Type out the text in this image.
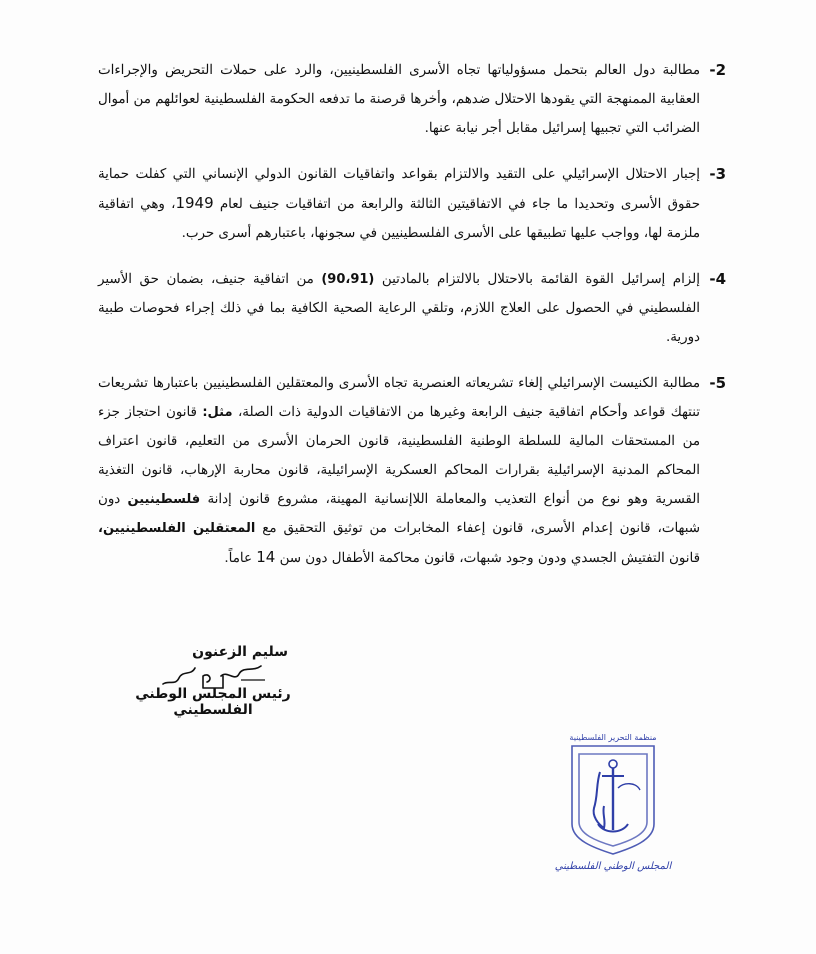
2-
مطالبة دول العالم بتحمل مسؤولياتها تجاه الأسرى الفلسطينيين، والرد على حملات التحريض والإجراءات العقابية الممنهجة التي يقودها الاحتلال ضدهم، وأخرها قرصنة ما تدفعه الحكومة الفلسطينية لعوائلهم من أموال الضرائب التي تجبيها إسرائيل مقابل أجر نيابة عنها.
3-
إجبار الاحتلال الإسرائيلي على التقيد والالتزام بقواعد واتفاقيات القانون الدولي الإنساني التي كفلت حماية حقوق الأسرى وتحديدا ما جاء في الاتفاقيتين الثالثة والرابعة من اتفاقيات جنيف لعام 1949، وهي اتفاقية ملزمة لها، وواجب عليها تطبيقها على الأسرى الفلسطينيين في سجونها، باعتبارهم أسرى حرب.
4-
إلزام إسرائيل القوة القائمة بالاحتلال بالالتزام بالمادتين (90،91) من اتفاقية جنيف، بضمان حق الأسير الفلسطيني في الحصول على العلاج اللازم، وتلقي الرعاية الصحية الكافية بما في ذلك إجراء فحوصات طبية دورية.
5-
مطالبة الكنيست الإسرائيلي إلغاء تشريعاته العنصرية تجاه الأسرى والمعتقلين الفلسطينيين باعتبارها تشريعات تنتهك قواعد وأحكام اتفاقية جنيف الرابعة وغيرها من الاتفاقيات الدولية ذات الصلة، مثل: قانون احتجاز جزء من المستحقات المالية للسلطة الوطنية الفلسطينية، قانون الحرمان الأسرى من التعليم، قانون اعتراف المحاكم المدنية الإسرائيلية بقرارات المحاكم العسكرية الإسرائيلية، قانون محاربة الإرهاب، قانون التغذية القسرية وهو نوع من أنواع التعذيب والمعاملة اللاإنسانية المهينة، مشروع قانون إدانة فلسطينيين دون شبهات، قانون إعدام الأسرى، قانون إعفاء المخابرات من توثيق التحقيق مع المعتقلين الفلسطينيين، قانون التفتيش الجسدي ودون وجود شبهات، قانون محاكمة الأطفال دون سن 14 عاماً.
سليم الزعنون
رئيس المجلس الوطني الفلسطيني
منظمة التحرير الفلسطينية
المجلس الوطني الفلسطيني
